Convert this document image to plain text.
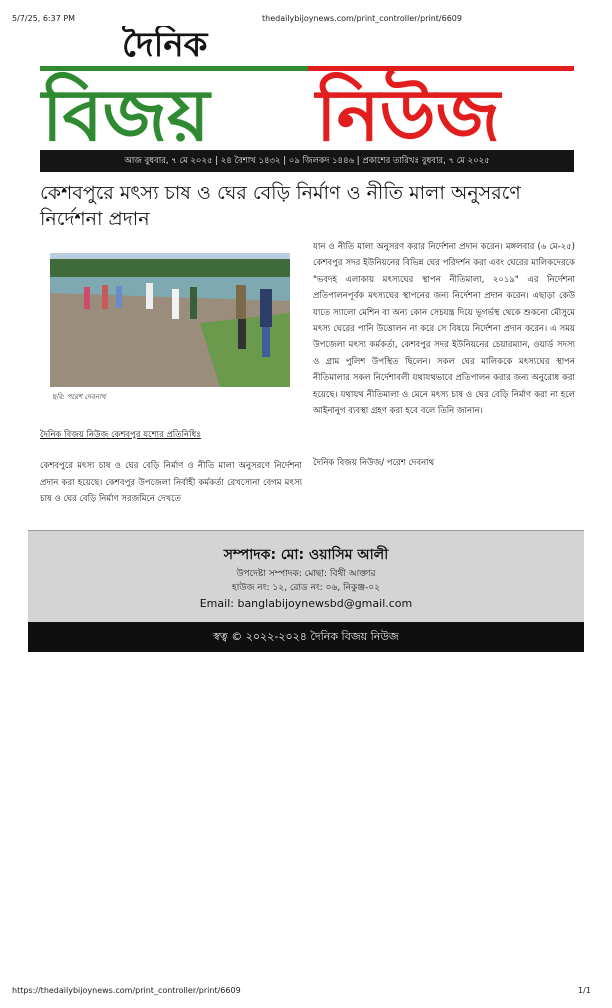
5/7/25, 6:37 PM	thedailybijoynews.com/print_controller/print/6609
দৈনিক
বিজয় নিউজ
আজ বুধবার, ৭ মে ২০২৫ | ২৪ বৈশাখ ১৪৩২ | ০৯ জিলকদ ১৪৪৬ | প্রকাশের তারিখঃ বুধবার, ৭ মে ২০২৫
কেশবপুরে মৎস্য চাষ ও ঘের বেড়ি নির্মাণ ও নীতি মালা অনুসরণে নির্দেশনা প্রদান
ছবি: পরেশ দেবনাথ
দৈনিক বিজয় নিউজ কেশবপুর যশোর প্রতিনিধিঃ
কেশবপুরে মৎস্য চাষ ও ঘের বেড়ি নির্মাণ ও নীতি মালা অনুসরণে নির্দেশনা প্রদান করা হয়েছে। কেশবপুর উপজেলা নির্বাহী কর্মকর্তা রেখসোনা বেগম মৎস্য চাষ ও ঘের বেড়ি নির্মাণ সরজমিনে দেখতে
যান ও নীতি মালা অনুসরণ করার নির্দেশনা প্রদান করেন। মঙ্গলবার (৬ মে-২৫) কেশবপুর সদর ইউনিয়নের বিভিন্ন ঘের পরিদর্শন করা এবং ঘেরের মালিকদেরকে "ভবদহ এলাকায় মৎস্যঘের স্থাপন নীতিমালা, ২০১৯" এর নির্দেশনা প্রতিপালনপূর্বক মৎস্যঘের স্থাপনের জন্য নির্দেশনা প্রদান করেন। এছাড়া কেউ যাতে স্যালো মেশিন বা অন্য কোন সেচযন্ত্র দিয়ে ভূগর্ভস্থ থেকে শুকনো মৌসুমে মৎস্য ঘেরের পানি উত্তোলন না করে সে বিষয়ে নির্দেশনা প্রদান করেন। এ সময় উপজেলা মৎস্য কর্মকর্তা, কেশবপুর সদর ইউনিয়নের চেয়ারম্যান, ওয়ার্ড সদস্য ও গ্রাম পুলিশ উপস্থিত ছিলেন। সকল ঘের মালিককে মৎস্যঘের স্থাপন নীতিমালার সকল নির্দেশাবলী যথাযথভাবে প্রতিপালন করার জন্য অনুরোধ করা হয়েছে। যথাযথ নীতিমালা ও মেনে মৎস্য চাষ ও ঘের বেড়ি নির্মাণ করা না হলে আইনানুগ ব্যবস্থা গ্রহণ করা হবে বলে তিনি জানান।
দৈনিক বিজয় নিউজ/ পরেশ দেবনাথ
সম্পাদক: মো: ওয়াসিম আলী
উপদেষ্টা সম্পাদক: মোছা: বিথী আক্তার
হাউজ নং: ১২, রোড নং: ০৬, নিকুঞ্জ-০২
Email: banglabijoynewsbd@gmail.com
স্বত্ব © ২০২২-২০২৪ দৈনিক বিজয় নিউজ
https://thedailybijoynews.com/print_controller/print/6609	1/1
